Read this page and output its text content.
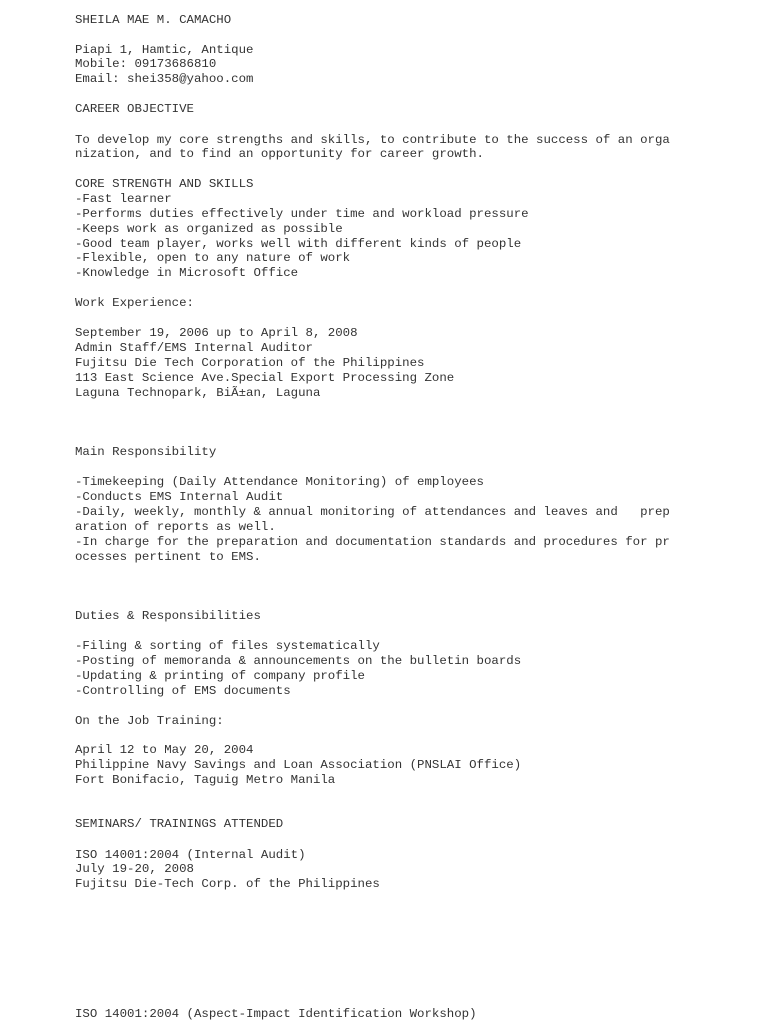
SHEILA MAE M. CAMACHO

Piapi 1, Hamtic, Antique

Mobile: 09173686810

Email: shei358@yahoo.com

CAREER OBJECTIVE

To develop my core strengths and skills, to contribute to the success of an orga

nization, and to find an opportunity for career growth.

CORE STRENGTH AND SKILLS

-Fast learner

-Performs duties effectively under time and workload pressure

-Keeps work as organized as possible

-Good team player, works well with different kinds of people

-Flexible, open to any nature of work

-Knowledge in Microsoft Office

Work Experience:

September 19, 2006 up to April 8, 2008

Admin Staff/EMS Internal Auditor

Fujitsu Die Tech Corporation of the Philippines

113 East Science Ave.Special Export Processing Zone

Laguna Technopark, BiÃ±an, Laguna

Main Responsibility

-Timekeeping (Daily Attendance Monitoring) of employees

-Conducts EMS Internal Audit

-Daily, weekly, monthly & annual monitoring of attendances and leaves and   prep

aration of reports as well.

-In charge for the preparation and documentation standards and procedures for pr

ocesses pertinent to EMS.

Duties & Responsibilities

-Filing & sorting of files systematically

-Posting of memoranda & announcements on the bulletin boards

-Updating & printing of company profile

-Controlling of EMS documents

On the Job Training:

April 12 to May 20, 2004

Philippine Navy Savings and Loan Association (PNSLAI Office)

Fort Bonifacio, Taguig Metro Manila

SEMINARS/ TRAININGS ATTENDED

ISO 14001:2004 (Internal Audit)

July 19-20, 2008

Fujitsu Die-Tech Corp. of the Philippines

ISO 14001:2004 (Aspect-Impact Identification Workshop)
